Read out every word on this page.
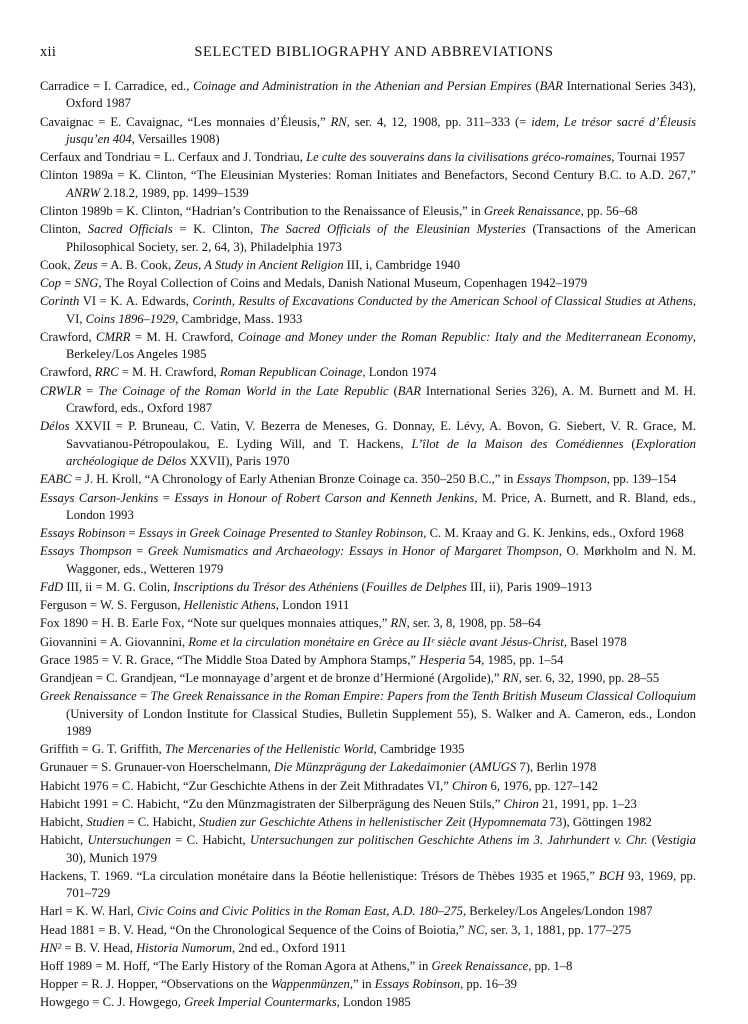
xii	SELECTED BIBLIOGRAPHY AND ABBREVIATIONS

Carradice = I. Carradice, ed., Coinage and Administration in the Athenian and Persian Empires (BAR International Series 343), Oxford 1987

Cavaignac = E. Cavaignac, “Les monnaies d’Éleusis,” RN, ser. 4, 12, 1908, pp. 311–333 (= idem, Le trésor sacré d’Éleusis jusqu’en 404, Versailles 1908)

Cerfaux and Tondriau = L. Cerfaux and J. Tondriau, Le culte des souverains dans la civilisations gréco-romaines, Tournai 1957

Clinton 1989a = K. Clinton, “The Eleusinian Mysteries: Roman Initiates and Benefactors, Second Century B.C. to A.D. 267,” ANRW 2.18.2, 1989, pp. 1499–1539

Clinton 1989b = K. Clinton, “Hadrian’s Contribution to the Renaissance of Eleusis,” in Greek Renaissance, pp. 56–68

Clinton, Sacred Officials = K. Clinton, The Sacred Officials of the Eleusinian Mysteries (Transactions of the American Philosophical Society, ser. 2, 64, 3), Philadelphia 1973

Cook, Zeus = A. B. Cook, Zeus, A Study in Ancient Religion III, i, Cambridge 1940

Cop = SNG, The Royal Collection of Coins and Medals, Danish National Museum, Copenhagen 1942–1979

Corinth VI = K. A. Edwards, Corinth, Results of Excavations Conducted by the American School of Classical Studies at Athens, VI, Coins 1896–1929, Cambridge, Mass. 1933

Crawford, CMRR = M. H. Crawford, Coinage and Money under the Roman Republic: Italy and the Mediterranean Economy, Berkeley/Los Angeles 1985

Crawford, RRC = M. H. Crawford, Roman Republican Coinage, London 1974

CRWLR = The Coinage of the Roman World in the Late Republic (BAR International Series 326), A. M. Burnett and M. H. Crawford, eds., Oxford 1987

Délos XXVII = P. Bruneau, C. Vatin, V. Bezerra de Meneses, G. Donnay, E. Lévy, A. Bovon, G. Siebert, V. R. Grace, M. Savvatianou-Pétropoulakou, E. Lyding Will, and T. Hackens, L’îlot de la Maison des Comédiennes (Exploration archéologique de Délos XXVII), Paris 1970

EABC = J. H. Kroll, “A Chronology of Early Athenian Bronze Coinage ca. 350–250 B.C.,” in Essays Thompson, pp. 139–154

Essays Carson-Jenkins = Essays in Honour of Robert Carson and Kenneth Jenkins, M. Price, A. Burnett, and R. Bland, eds., London 1993

Essays Robinson = Essays in Greek Coinage Presented to Stanley Robinson, C. M. Kraay and G. K. Jenkins, eds., Oxford 1968

Essays Thompson = Greek Numismatics and Archaeology: Essays in Honor of Margaret Thompson, O. Mørkholm and N. M. Waggoner, eds., Wetteren 1979

FdD III, ii = M. G. Colin, Inscriptions du Trésor des Athéniens (Fouilles de Delphes III, ii), Paris 1909–1913

Ferguson = W. S. Ferguson, Hellenistic Athens, London 1911

Fox 1890 = H. B. Earle Fox, “Note sur quelques monnaies attiques,” RN, ser. 3, 8, 1908, pp. 58–64

Giovannini = A. Giovannini, Rome et la circulation monétaire en Grèce au IIᵉ siècle avant Jésus-Christ, Basel 1978

Grace 1985 = V. R. Grace, “The Middle Stoa Dated by Amphora Stamps,” Hesperia 54, 1985, pp. 1–54

Grandjean = C. Grandjean, “Le monnayage d’argent et de bronze d’Hermioné (Argolide),” RN, ser. 6, 32, 1990, pp. 28–55

Greek Renaissance = The Greek Renaissance in the Roman Empire: Papers from the Tenth British Museum Classical Colloquium (University of London Institute for Classical Studies, Bulletin Supplement 55), S. Walker and A. Cameron, eds., London 1989

Griffith = G. T. Griffith, The Mercenaries of the Hellenistic World, Cambridge 1935

Grunauer = S. Grunauer-von Hoerschelmann, Die Münzprägung der Lakedaimonier (AMUGS 7), Berlin 1978

Habicht 1976 = C. Habicht, “Zur Geschichte Athens in der Zeit Mithradates VI,” Chiron 6, 1976, pp. 127–142

Habicht 1991 = C. Habicht, “Zu den Münzmagistraten der Silberprägung des Neuen Stils,” Chiron 21, 1991, pp. 1–23

Habicht, Studien = C. Habicht, Studien zur Geschichte Athens in hellenistischer Zeit (Hypomnemata 73), Göttingen 1982

Habicht, Untersuchungen = C. Habicht, Untersuchungen zur politischen Geschichte Athens im 3. Jahrhundert v. Chr. (Vestigia 30), Munich 1979

Hackens, T. 1969. “La circulation monétaire dans la Béotie hellenistique: Trésors de Thèbes 1935 et 1965,” BCH 93, 1969, pp. 701–729

Harl = K. W. Harl, Civic Coins and Civic Politics in the Roman East, A.D. 180–275, Berkeley/Los Angeles/London 1987

Head 1881 = B. V. Head, “On the Chronological Sequence of the Coins of Boiotia,” NC, ser. 3, 1, 1881, pp. 177–275

HN² = B. V. Head, Historia Numorum, 2nd ed., Oxford 1911

Hoff 1989 = M. Hoff, “The Early History of the Roman Agora at Athens,” in Greek Renaissance, pp. 1–8

Hopper = R. J. Hopper, “Observations on the Wappenmünzen,” in Essays Robinson, pp. 16–39

Howgego = C. J. Howgego, Greek Imperial Countermarks, London 1985
